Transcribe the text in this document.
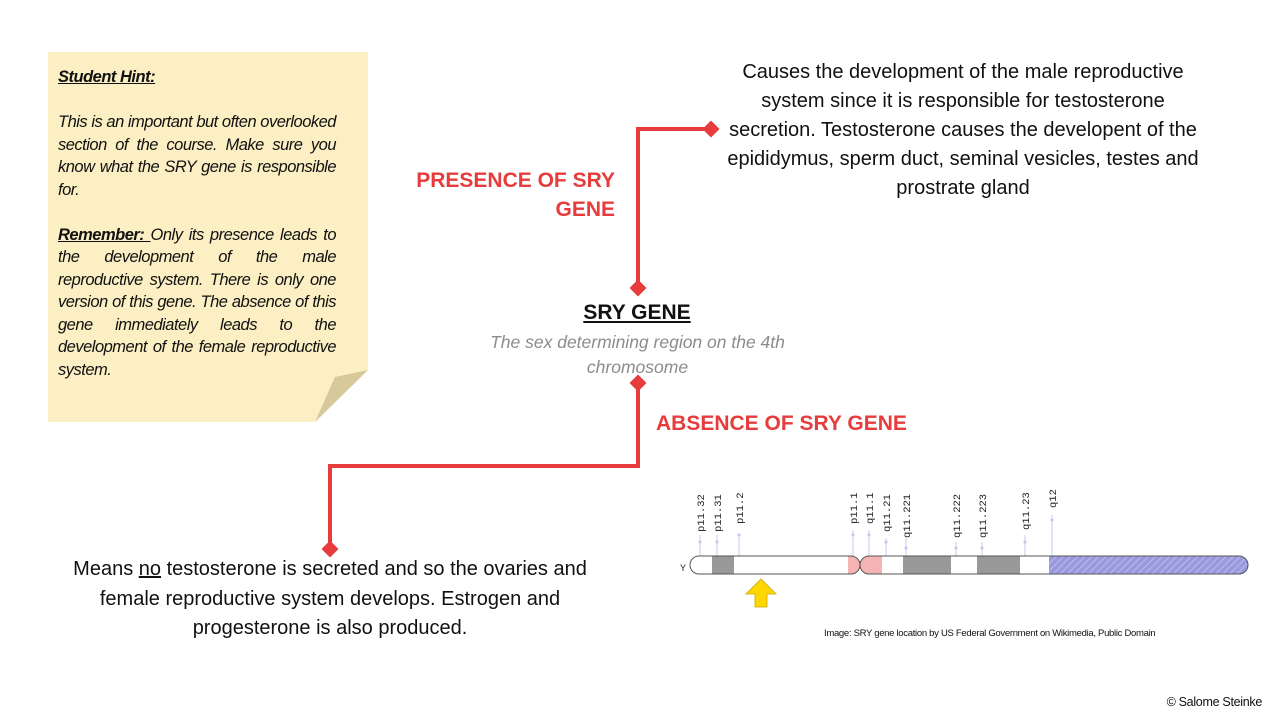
Student Hint:

This is an important but often overlooked section of the course. Make sure you know what the SRY gene is responsible for.

Remember: Only its presence leads to the development of the male reproductive system. There is only one version of this gene. The absence of this gene immediately leads to the development of the female reproductive system.

PRESENCE OF SRY GENE
ABSENCE OF SRY GENE
Causes the development of the male reproductive system since it is responsible for testosterone secretion. Testosterone causes the developent of the epididymus, sperm duct, seminal vesicles, testes and prostrate gland
Means no testosterone is secreted and so the ovaries and female reproductive system develops. Estrogen and progesterone is also produced.
SRY GENE
The sex determining region on the 4th chromosome
Y
p11.32 p11.31 p11.2	p11.1 q11.1 q11.21 q11.221	q11.222 q11.223	q11.23 q12
Image: SRY gene location by US Federal Government on Wikimedia, Public Domain
© Salome Steinke
